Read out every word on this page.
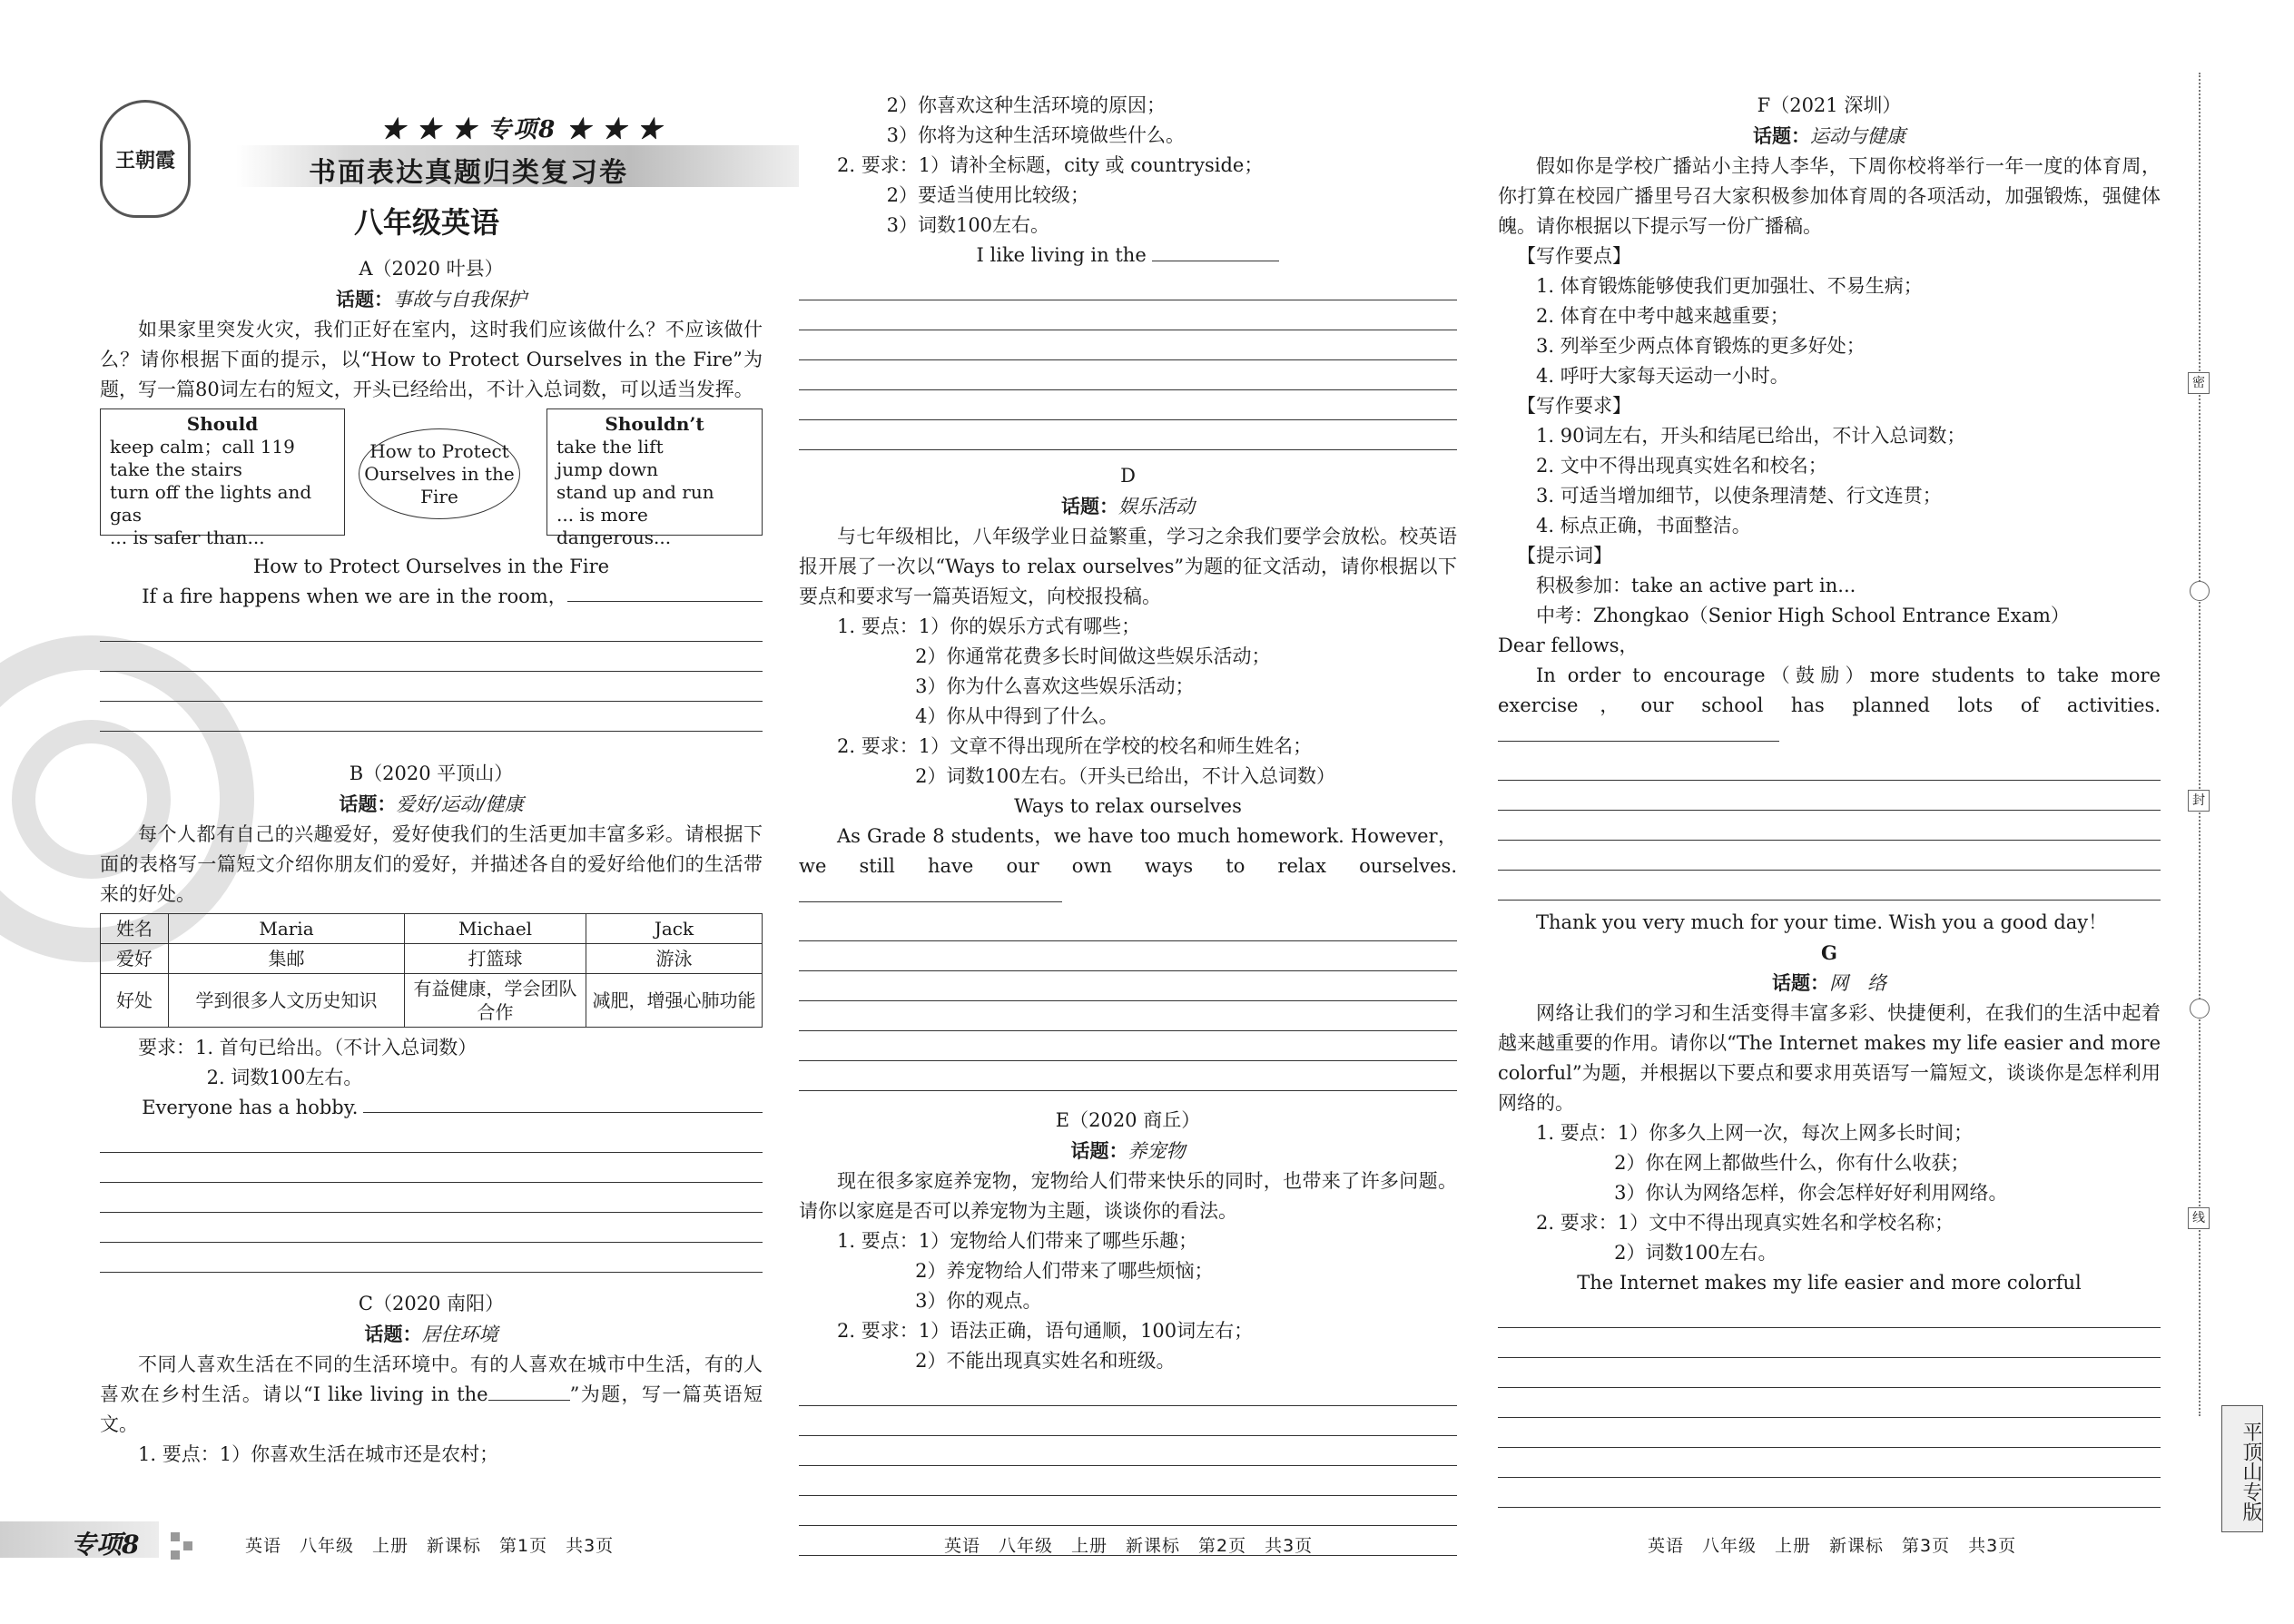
王朝霞
★ ★ ★ 专项8 ★ ★ ★
书面表达真题归类复习卷
八年级英语
A（2020 叶县）
话题：事故与自我保护
如果家里突发火灾，我们正好在室内，这时我们应该做什么？不应该做什么？请你根据下面的提示，以“How to Protect Ourselves in the Fire”为题，写一篇80词左右的短文，开头已经给出，不计入总词数，可以适当发挥。
Should
keep calm；call 119
take the stairs
turn off the lights and gas
... is safer than...
How to Protect Ourselves in the Fire
Shouldn’t
take the lift
jump down
stand up and run
... is more dangerous...
How to Protect Ourselves in the Fire
If a fire happens when we are in the room，
B（2020 平顶山）
话题：爱好/运动/健康
每个人都有自己的兴趣爱好，爱好使我们的生活更加丰富多彩。请根据下面的表格写一篇短文介绍你朋友们的爱好，并描述各自的爱好给他们的生活带来的好处。
姓名	Maria	Michael	Jack
爱好	集邮	打篮球	游泳
好处	学到很多人文历史知识	有益健康，学会团队合作	减肥，增强心肺功能
要求：1. 首句已给出。（不计入总词数）
2. 词数100左右。
Everyone has a hobby.
C（2020 南阳）
话题：居住环境
不同人喜欢生活在不同的生活环境中。有的人喜欢在城市中生活，有的人喜欢在乡村生活。请以“I like living in the	”为题，写一篇英语短文。
1. 要点：1）你喜欢生活在城市还是农村；
2）你喜欢这种生活环境的原因；
3）你将为这种生活环境做些什么。
2. 要求：1）请补全标题，city 或 countryside；
2）要适当使用比较级；
3）词数100左右。
I like living in the
D
话题：娱乐活动
与七年级相比，八年级学业日益繁重，学习之余我们要学会放松。校英语报开展了一次以“Ways to relax ourselves”为题的征文活动，请你根据以下要点和要求写一篇英语短文，向校报投稿。
1. 要点：1）你的娱乐方式有哪些；
2）你通常花费多长时间做这些娱乐活动；
3）你为什么喜欢这些娱乐活动；
4）你从中得到了什么。
2. 要求：1）文章不得出现所在学校的校名和师生姓名；
2）词数100左右。（开头已给出，不计入总词数）
Ways to relax ourselves
As Grade 8 students，we have too much homework. However，we still have our own ways to relax ourselves.
E（2020 商丘）
话题：养宠物
现在很多家庭养宠物，宠物给人们带来快乐的同时，也带来了许多问题。请你以家庭是否可以养宠物为主题，谈谈你的看法。
1. 要点：1）宠物给人们带来了哪些乐趣；
2）养宠物给人们带来了哪些烦恼；
3）你的观点。
2. 要求：1）语法正确，语句通顺，100词左右；
2）不能出现真实姓名和班级。
F（2021 深圳）
话题：运动与健康
假如你是学校广播站小主持人李华，下周你校将举行一年一度的体育周，你打算在校园广播里号召大家积极参加体育周的各项活动，加强锻炼，强健体魄。请你根据以下提示写一份广播稿。
【写作要点】
1. 体育锻炼能够使我们更加强壮、不易生病；
2. 体育在中考中越来越重要；
3. 列举至少两点体育锻炼的更多好处；
4. 呼吁大家每天运动一小时。
【写作要求】
1. 90词左右，开头和结尾已给出，不计入总词数；
2. 文中不得出现真实姓名和校名；
3. 可适当增加细节，以使条理清楚、行文连贯；
4. 标点正确，书面整洁。
【提示词】
积极参加：take an active part in...
中考：Zhongkao（Senior High School Entrance Exam）
Dear fellows，
In order to encourage（鼓励）more students to take more exercise，our school has planned lots of activities.
Thank you very much for your time. Wish you a good day！
G
话题：网　络
网络让我们的学习和生活变得丰富多彩、快捷便利，在我们的生活中起着越来越重要的作用。请你以“The Internet makes my life easier and more colorful”为题，并根据以下要点和要求用英语写一篇短文，谈谈你是怎样利用网络的。
1. 要点：1）你多久上网一次，每次上网多长时间；
2）你在网上都做些什么，你有什么收获；
3）你认为网络怎样，你会怎样好好利用网络。
2. 要求：1）文中不得出现真实姓名和学校名称；
2）词数100左右。
The Internet makes my life easier and more colorful
专项8	英语　八年级　上册　新课标　第1页　共3页	英语　八年级　上册　新课标　第2页　共3页	英语　八年级　上册　新课标　第3页　共3页
密
封
线
平顶山专版
